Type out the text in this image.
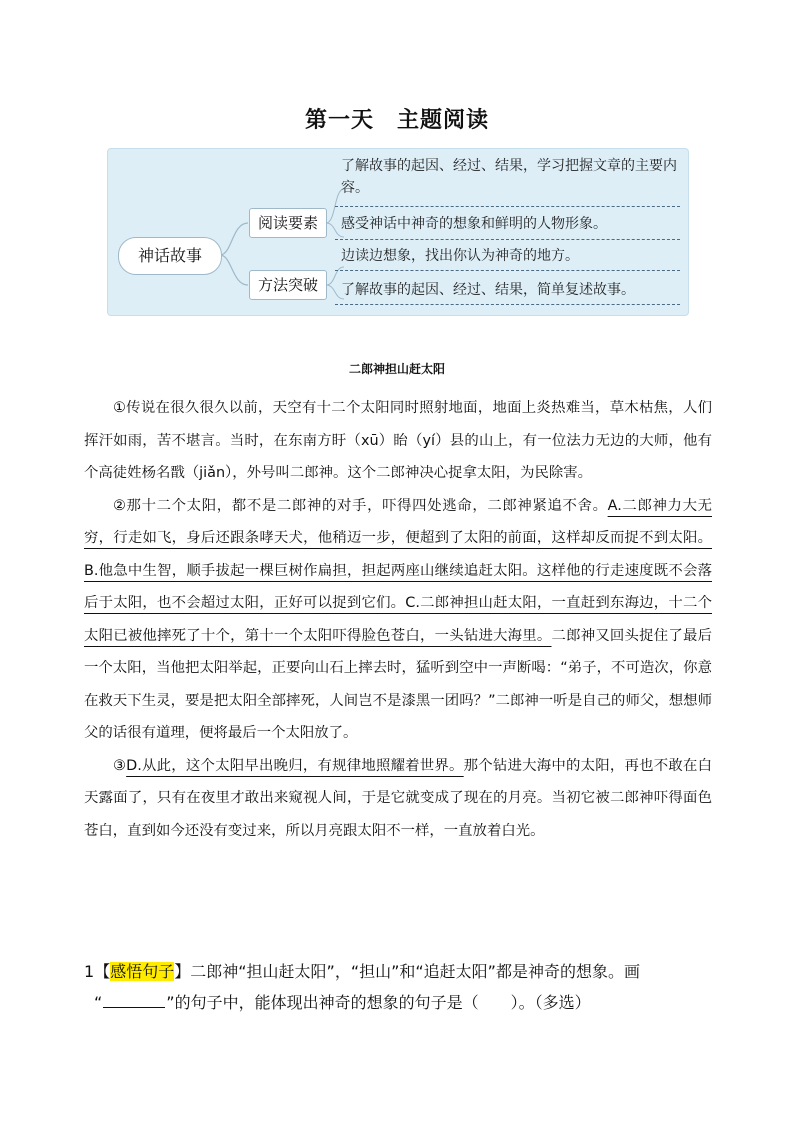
第一天　主题阅读
神话故事
阅读要素
方法突破
了解故事的起因、经过、结果，学习把握文章的主要内容。
感受神话中神奇的想象和鲜明的人物形象。
边读边想象，找出你认为神奇的地方。
了解故事的起因、经过、结果，简单复述故事。
二郎神担山赶太阳

①传说在很久很久以前，天空有十二个太阳同时照射地面，地面上炎热难当，草木枯焦，人们挥汗如雨，苦不堪言。当时，在东南方盱（xū）眙（yí）县的山上，有一位法力无边的大师，他有个高徒姓杨名戬（jiǎn），外号叫二郎神。这个二郎神决心捉拿太阳，为民除害。

②那十二个太阳，都不是二郎神的对手，吓得四处逃命，二郎神紧追不舍。A.二郎神力大无穷，行走如飞，身后还跟条哮天犬，他稍迈一步，便超到了太阳的前面，这样却反而捉不到太阳。B.他急中生智，顺手拔起一棵巨树作扁担，担起两座山继续追赶太阳。这样他的行走速度既不会落后于太阳，也不会超过太阳，正好可以捉到它们。C.二郎神担山赶太阳，一直赶到东海边，十二个太阳已被他摔死了十个，第十一个太阳吓得脸色苍白，一头钻进大海里。二郎神又回头捉住了最后一个太阳，当他把太阳举起，正要向山石上摔去时，猛听到空中一声断喝：“弟子，不可造次，你意在救天下生灵，要是把太阳全部摔死，人间岂不是漆黑一团吗？”二郎神一听是自己的师父，想想师父的话很有道理，便将最后一个太阳放了。

③D.从此，这个太阳早出晚归，有规律地照耀着世界。那个钻进大海中的太阳，再也不敢在白天露面了，只有在夜里才敢出来窥视人间，于是它就变成了现在的月亮。当初它被二郎神吓得面色苍白，直到如今还没有变过来，所以月亮跟太阳不一样，一直放着白光。

1【感悟句子】二郎神“担山赶太阳”，“担山”和“追赶太阳”都是神奇的想象。画
“	”的句子中，能体现出神奇的想象的句子是（　　）。（多选）
